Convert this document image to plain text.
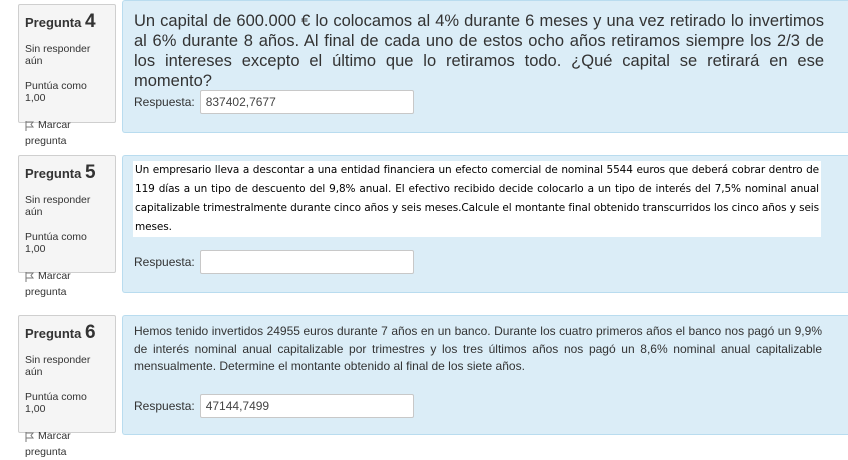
Pregunta 4
Sin responder aún
Puntúa como 1,00
Marcar
pregunta
Un capital de 600.000 € lo colocamos al 4% durante 6 meses y una vez retirado lo invertimos al 6% durante 8 años. Al final de cada uno de estos ocho años retiramos siempre los 2/3 de los intereses excepto el último que lo retiramos todo. ¿Qué capital se retirará en ese momento?
Respuesta:
837402,7677
Pregunta 5
Sin responder aún
Puntúa como 1,00
Marcar
pregunta
Un empresario lleva a descontar a una entidad financiera un efecto comercial de nominal 5544 euros que deberá cobrar dentro de 119 días a un tipo de descuento del 9,8% anual. El efectivo recibido decide colocarlo a un tipo de interés del 7,5% nominal anual capitalizable trimestralmente durante cinco años y seis meses.Calcule el montante final obtenido transcurridos los cinco años y seis meses.
Respuesta:
Pregunta 6
Sin responder aún
Puntúa como 1,00
Marcar
pregunta
Hemos tenido invertidos 24955 euros durante 7 años en un banco. Durante los cuatro primeros años el banco nos pagó un 9,9% de interés nominal anual capitalizable por trimestres y los tres últimos años nos pagó un 8,6% nominal anual capitalizable mensualmente. Determine el montante obtenido al final de los siete años.
Respuesta:
47144,7499
